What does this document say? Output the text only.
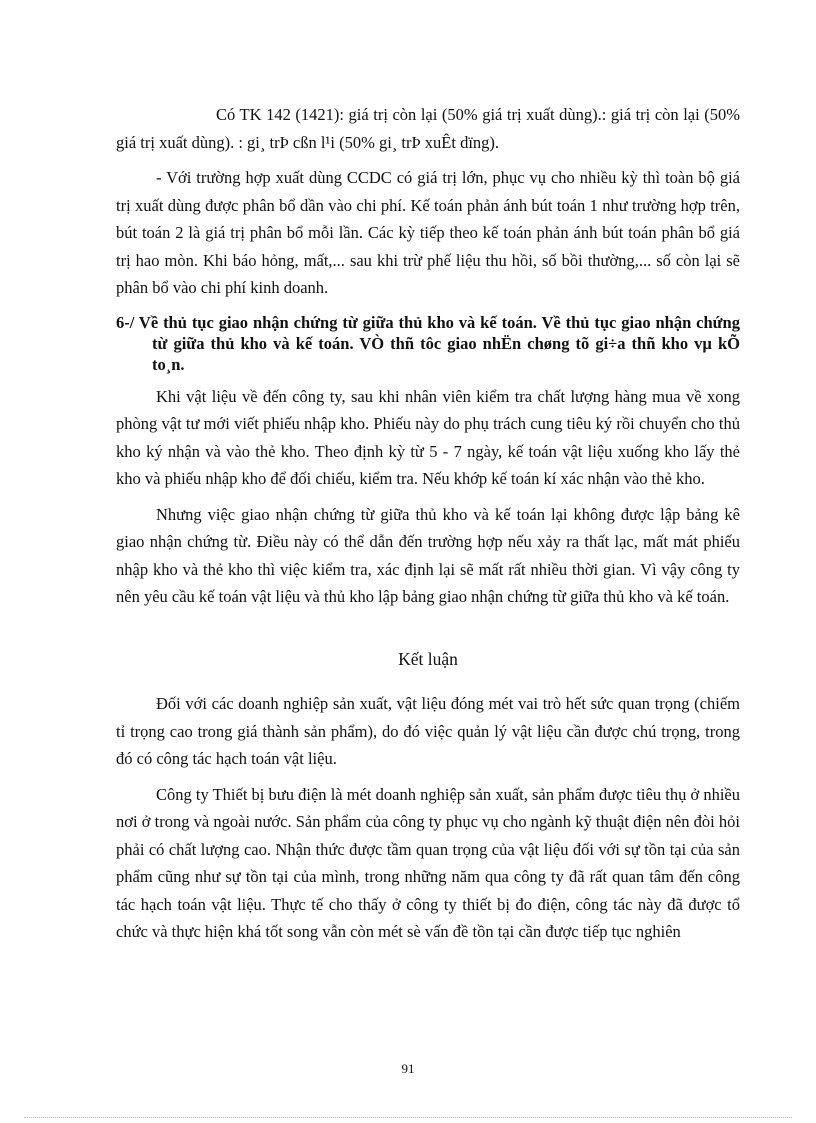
Có TK 142 (1421): giá trị còn lại (50% giá trị xuất dùng).: giá trị còn lại (50% giá trị xuất dùng). : gi¸ trÞ cßn l¹i (50% gi¸ trÞ xuÊt dïng).

- Với trường hợp xuất dùng CCDC có giá trị lớn, phục vụ cho nhiều kỳ thì toàn bộ giá trị xuất dùng được phân bổ dần vào chi phí. Kế toán phản ánh bút toán 1 như trường hợp trên, bút toán 2 là giá trị phân bổ mỗi lần. Các kỳ tiếp theo kế toán phản ánh bút toán phân bổ giá trị hao mòn. Khi báo hỏng, mất,... sau khi trừ phế liệu thu hồi, số bồi thường,... số còn lại sẽ phân bổ vào chi phí kinh doanh.

6-/ Về thủ tục giao nhận chứng từ giữa thủ kho và kế toán. Về thủ tục giao nhận chứng từ giữa thủ kho và kế toán. VÒ thñ tôc giao nhËn chøng tõ gi÷a thñ kho vµ kÕ to¸n.

Khi vật liệu về đến công ty, sau khi nhân viên kiểm tra chất lượng hàng mua về xong phòng vật tư mới viết phiếu nhập kho. Phiếu này do phụ trách cung tiêu ký rồi chuyển cho thủ kho ký nhận và vào thẻ kho. Theo định kỳ từ 5 - 7 ngày, kế toán vật liệu xuống kho lấy thẻ kho và phiếu nhập kho để đối chiếu, kiểm tra. Nếu khớp kế toán kí xác nhận vào thẻ kho.

Nhưng việc giao nhận chứng từ giữa thủ kho và kế toán lại không được lập bảng kê giao nhận chứng từ. Điều này có thể dẫn đến trường hợp nếu xảy ra thất lạc, mất mát phiếu nhập kho và thẻ kho thì việc kiểm tra, xác định lại sẽ mất rất nhiều thời gian. Vì vậy công ty nên yêu cầu kế toán vật liệu và thủ kho lập bảng giao nhận chứng từ giữa thủ kho và kế toán.

Kết luận

Đối với các doanh nghiệp sản xuất, vật liệu đóng mét vai trò hết sức quan trọng (chiếm tỉ trọng cao trong giá thành sản phẩm), do đó việc quản lý vật liệu cần được chú trọng, trong đó có công tác hạch toán vật liệu.

Công ty Thiết bị bưu điện là mét doanh nghiệp sản xuất, sản phẩm được tiêu thụ ở nhiều nơi ở trong và ngoài nước. Sản phẩm của công ty phục vụ cho ngành kỹ thuật điện nên đòi hỏi phải có chất lượng cao. Nhận thức được tầm quan trọng của vật liệu đối với sự tồn tại của sản phẩm cũng như sự tồn tại của mình, trong những năm qua công ty đã rất quan tâm đến công tác hạch toán vật liệu. Thực tế cho thấy ở công ty thiết bị đo điện, công tác này đã được tổ chức và thực hiện khá tốt song vẫn còn mét sè vấn đề tồn tại cần được tiếp tục nghiên

91
